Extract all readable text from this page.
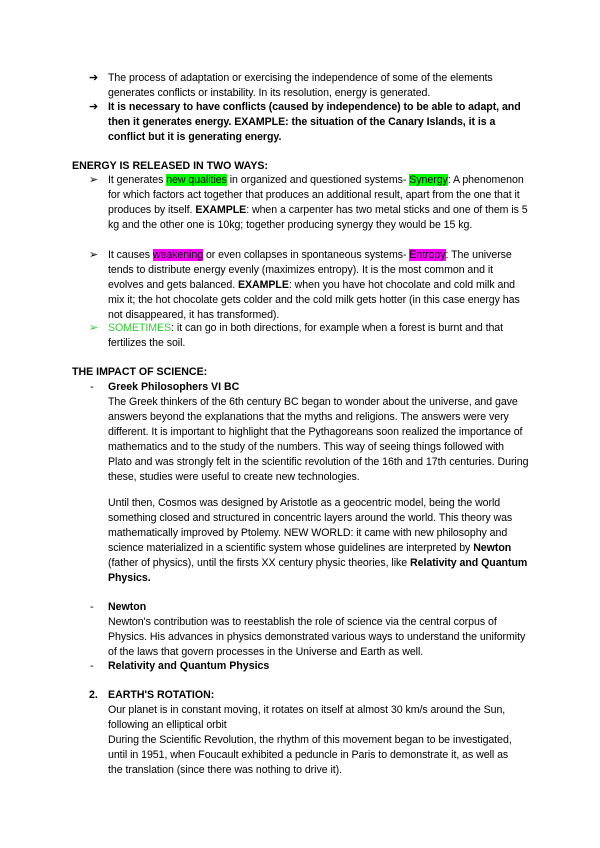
➔ The process of adaptation or exercising the independence of some of the elements generates conflicts or instability. In its resolution, energy is generated.

➔ It is necessary to have conflicts (caused by independence) to be able to adapt, and then it generates energy. EXAMPLE: the situation of the Canary Islands, it is a conflict but it is generating energy.

ENERGY IS RELEASED IN TWO WAYS:
➢ It generates new qualities in organized and questioned systems- Synergy: A phenomenon for which factors act together that produces an additional result, apart from the one that it produces by itself. EXAMPLE: when a carpenter has two metal sticks and one of them is 5 kg and the other one is 10kg; together producing synergy they would be 15 kg.

➢ It causes weakening or even collapses in spontaneous systems- Entropy: The universe tends to distribute energy evenly (maximizes entropy). It is the most common and it evolves and gets balanced. EXAMPLE: when you have hot chocolate and cold milk and mix it; the hot chocolate gets colder and the cold milk gets hotter (in this case energy has not disappeared, it has transformed).

➢ SOMETIMES: it can go in both directions, for example when a forest is burnt and that fertilizes the soil.

THE IMPACT OF SCIENCE:
- Greek Philosophers VI BC

The Greek thinkers of the 6th century BC began to wonder about the universe, and gave answers beyond the explanations that the myths and religions. The answers were very different. It is important to highlight that the Pythagoreans soon realized the importance of mathematics and to the study of the numbers. This way of seeing things followed with Plato and was strongly felt in the scientific revolution of the 16th and 17th centuries. During these, studies were useful to create new technologies.

Until then, Cosmos was designed by Aristotle as a geocentric model, being the world something closed and structured in concentric layers around the world. This theory was mathematically improved by Ptolemy. NEW WORLD: it came with new philosophy and science materialized in a scientific system whose guidelines are interpreted by Newton (father of physics), until the firsts XX century physic theories, like Relativity and Quantum Physics.

- Newton

Newton's contribution was to reestablish the role of science via the central corpus of Physics. His advances in physics demonstrated various ways to understand the uniformity of the laws that govern processes in the Universe and Earth as well.

- Relativity and Quantum Physics
2. EARTH'S ROTATION:

Our planet is in constant moving, it rotates on itself at almost 30 km/s around the Sun, following an elliptical orbit

During the Scientific Revolution, the rhythm of this movement began to be investigated, until in 1951, when Foucault exhibited a peduncle in Paris to demonstrate it, as well as the translation (since there was nothing to drive it).
